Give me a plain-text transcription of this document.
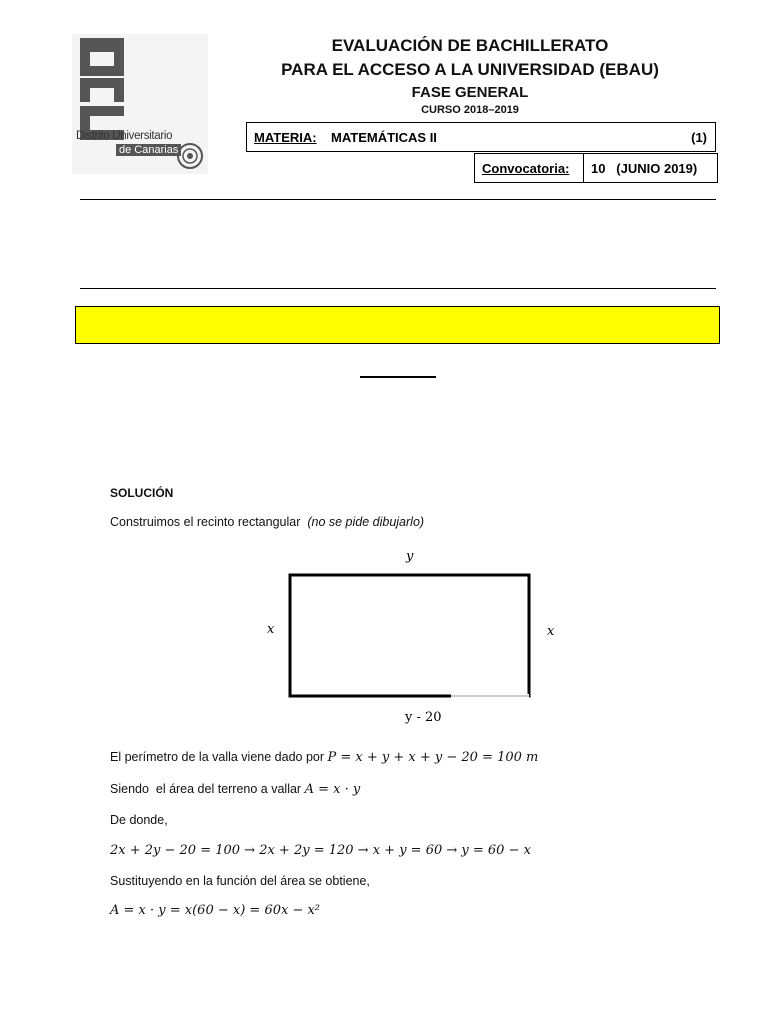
Distrito Universitario
de Canarias
EVALUACIÓN DE BACHILLERATO
PARA EL ACCESO A LA UNIVERSIDAD (EBAU)
FASE GENERAL
CURSO 2018–2019
MATERIA: MATEMÁTICAS II	(1)
Convocatoria: 10   (JUNIO 2019)
SOLUCIÓN
Construimos el recinto rectangular (no se pide dibujarlo)
y
x	x
y - 20
El perímetro de la valla viene dado por P = x + y + x + y − 20 = 100 m
Siendo  el área del terreno a vallar A = x · y
De donde,
2x + 2y − 20 = 100 → 2x + 2y = 120 → x + y = 60 → y = 60 − x
Sustituyendo en la función del área se obtiene,
A = x · y = x(60 − x) = 60x − x²
